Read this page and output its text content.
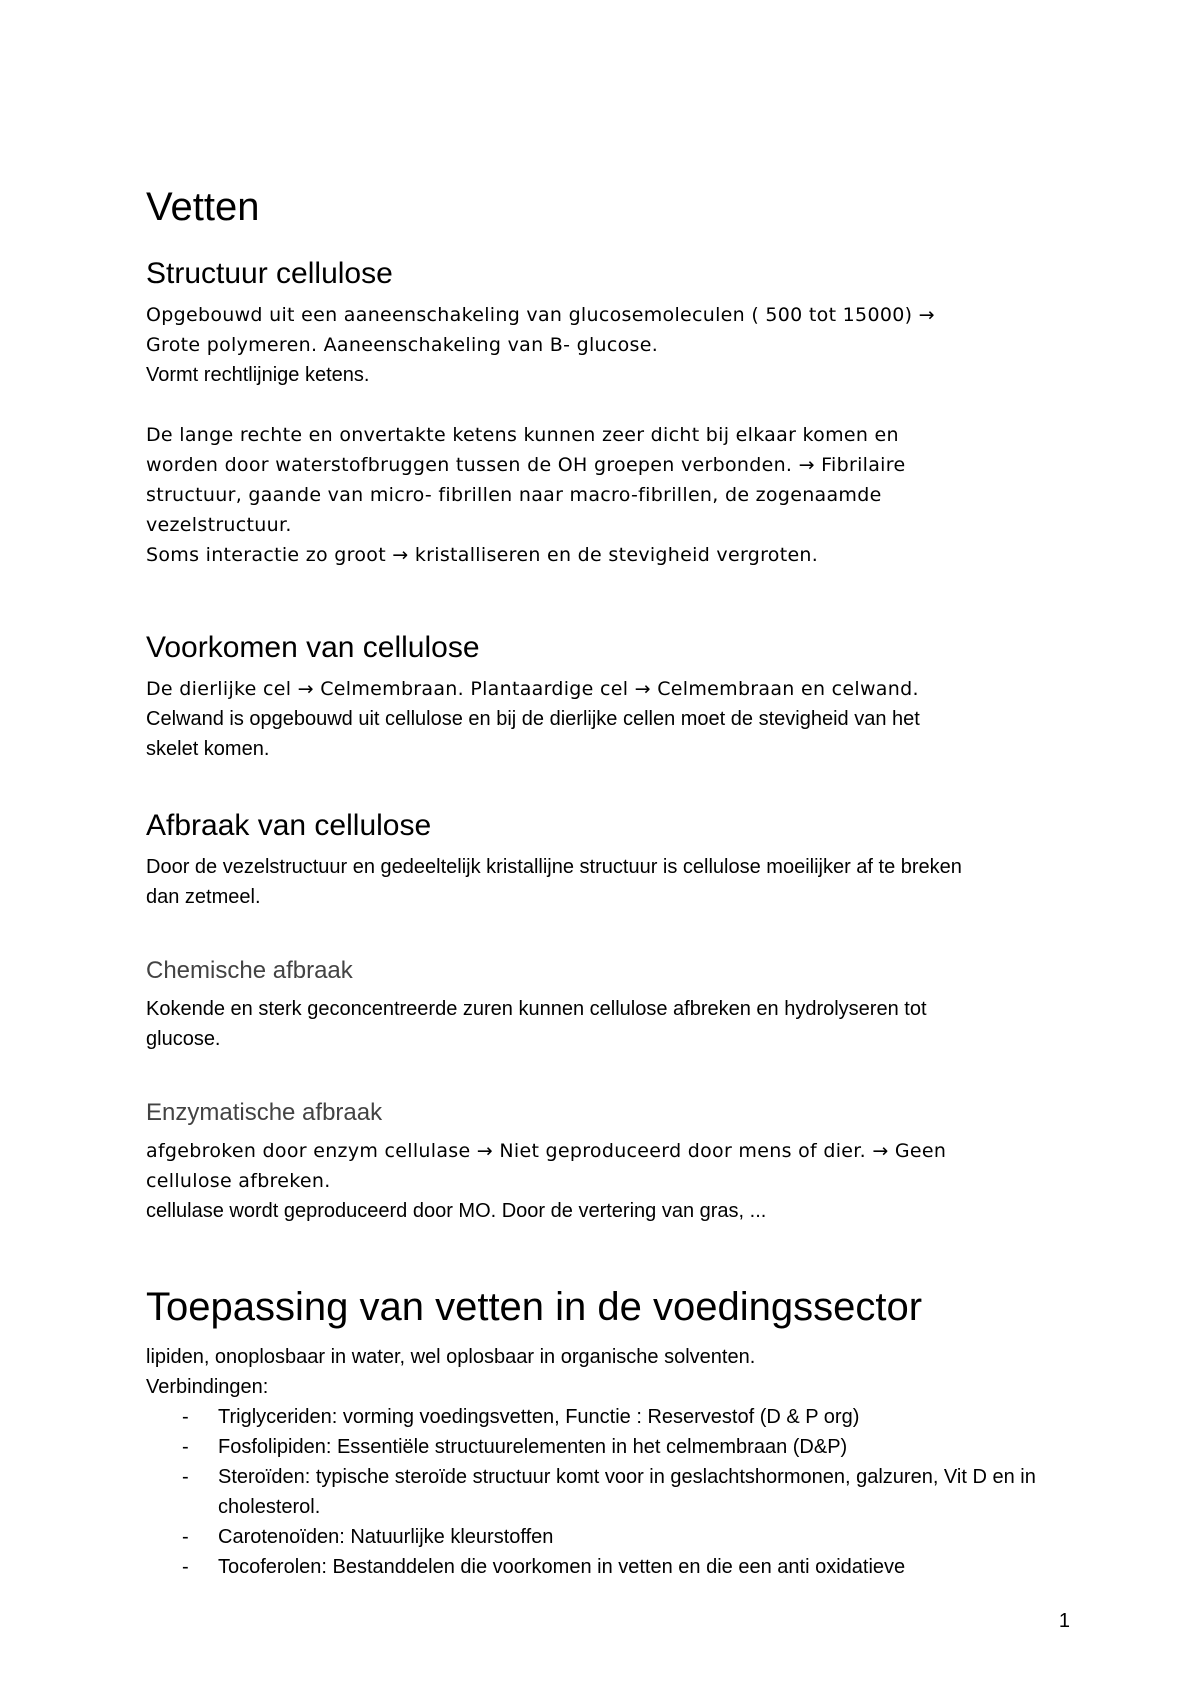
Vetten
Structuur cellulose

Opgebouwd uit een aaneenschakeling van glucosemoleculen ( 500 tot 15000) →

Grote polymeren. Aaneenschakeling van B- glucose.

Vormt rechtlijnige ketens.

De lange rechte en onvertakte ketens kunnen zeer dicht bij elkaar komen en

worden door waterstofbruggen tussen de OH groepen verbonden. → Fibrilaire

structuur, gaande van micro- fibrillen naar macro-fibrillen, de zogenaamde

vezelstructuur.

Soms interactie zo groot → kristalliseren en de stevigheid vergroten.

Voorkomen van cellulose

De dierlijke cel → Celmembraan. Plantaardige cel → Celmembraan en celwand.

Celwand is opgebouwd uit cellulose en bij de dierlijke cellen moet de stevigheid van het

skelet komen.

Afbraak van cellulose

Door de vezelstructuur en gedeeltelijk kristallijne structuur is cellulose moeilijker af te breken

dan zetmeel.

Chemische afbraak

Kokende en sterk geconcentreerde zuren kunnen cellulose afbreken en hydrolyseren tot

glucose.

Enzymatische afbraak

afgebroken door enzym cellulase → Niet geproduceerd door mens of dier. → Geen

cellulose afbreken.

cellulase wordt geproduceerd door MO. Door de vertering van gras, ...

Toepassing van vetten in de voedingssector

lipiden, onoplosbaar in water, wel oplosbaar in organische solventen.

Verbindingen:

- Triglyceriden: vorming voedingsvetten, Functie : Reservestof (D & P org)
- Fosfolipiden: Essentiële structuurelementen in het celmembraan (D&P)
- Steroïden: typische steroïde structuur komt voor in geslachtshormonen, galzuren, Vit D en in cholesterol.
- Carotenoïden: Natuurlijke kleurstoffen
- Tocoferolen: Bestanddelen die voorkomen in vetten en die een anti oxidatieve
1
